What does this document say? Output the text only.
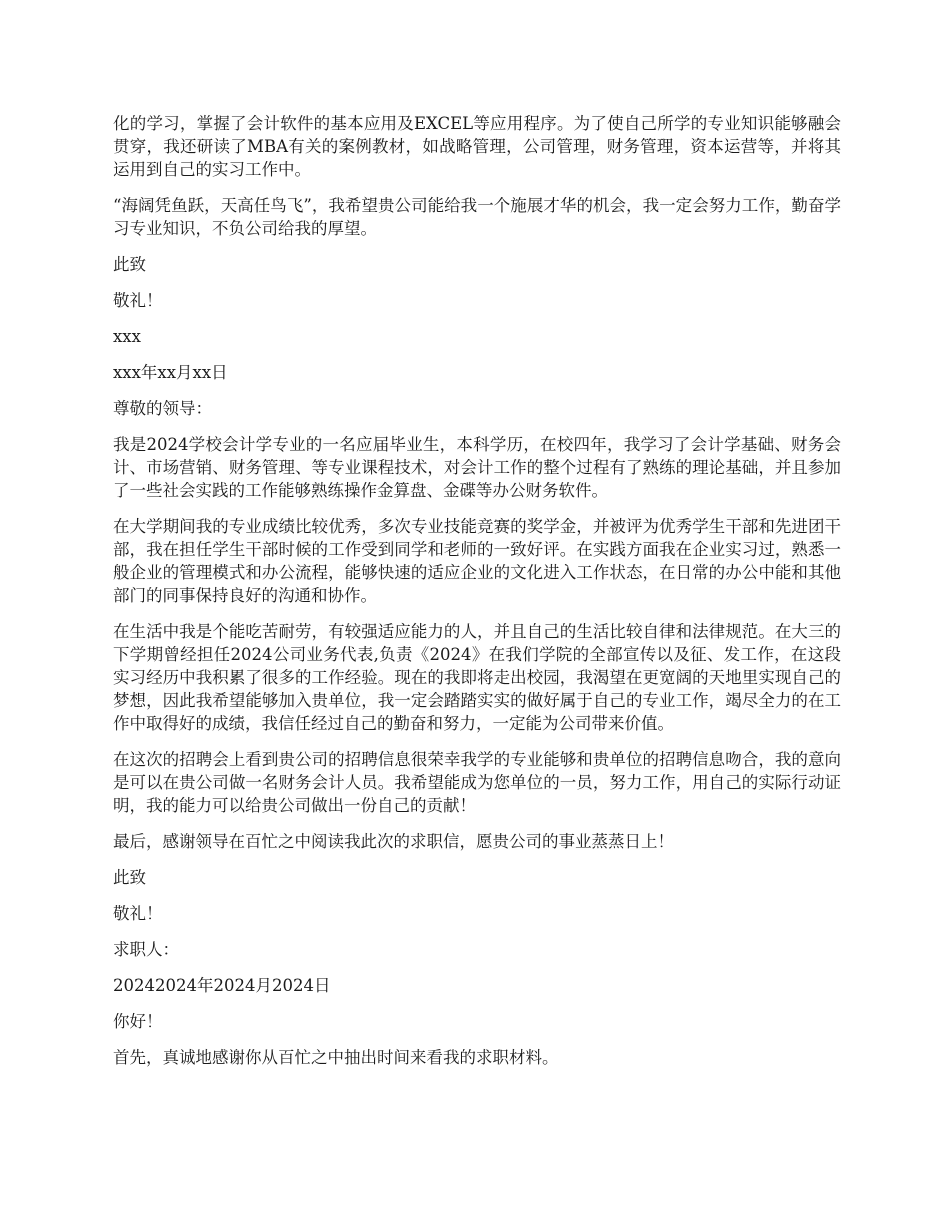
化的学习，掌握了会计软件的基本应用及EXCEL等应用程序。为了使自己所学的专业知识能够融会贯穿，我还研读了MBA有关的案例教材，如战略管理，公司管理，财务管理，资本运营等，并将其运用到自己的实习工作中。

“海阔凭鱼跃，天高任鸟飞”，我希望贵公司能给我一个施展才华的机会，我一定会努力工作，勤奋学习专业知识，不负公司给我的厚望。

此致

敬礼！

xxx

xxx年xx月xx日

尊敬的领导：

我是2024学校会计学专业的一名应届毕业生，本科学历，在校四年，我学习了会计学基础、财务会计、市场营销、财务管理、等专业课程技术，对会计工作的整个过程有了熟练的理论基础，并且参加了一些社会实践的工作能够熟练操作金算盘、金碟等办公财务软件。

在大学期间我的专业成绩比较优秀，多次专业技能竞赛的奖学金，并被评为优秀学生干部和先进团干部，我在担任学生干部时候的工作受到同学和老师的一致好评。在实践方面我在企业实习过，熟悉一般企业的管理模式和办公流程，能够快速的适应企业的文化进入工作状态，在日常的办公中能和其他部门的同事保持良好的沟通和协作。

在生活中我是个能吃苦耐劳，有较强适应能力的人，并且自己的生活比较自律和法律规范。在大三的下学期曾经担任2024公司业务代表,负责《2024》在我们学院的全部宣传以及征、发工作，在这段实习经历中我积累了很多的工作经验。现在的我即将走出校园，我渴望在更宽阔的天地里实现自己的梦想，因此我希望能够加入贵单位，我一定会踏踏实实的做好属于自己的专业工作，竭尽全力的在工作中取得好的成绩，我信任经过自己的勤奋和努力，一定能为公司带来价值。

在这次的招聘会上看到贵公司的招聘信息很荣幸我学的专业能够和贵单位的招聘信息吻合，我的意向是可以在贵公司做一名财务会计人员。我希望能成为您单位的一员，努力工作，用自己的实际行动证明，我的能力可以给贵公司做出一份自己的贡献！

最后，感谢领导在百忙之中阅读我此次的求职信，愿贵公司的事业蒸蒸日上！

此致

敬礼！

求职人：

20242024年2024月2024日

你好！

首先，真诚地感谢你从百忙之中抽出时间来看我的求职材料。
